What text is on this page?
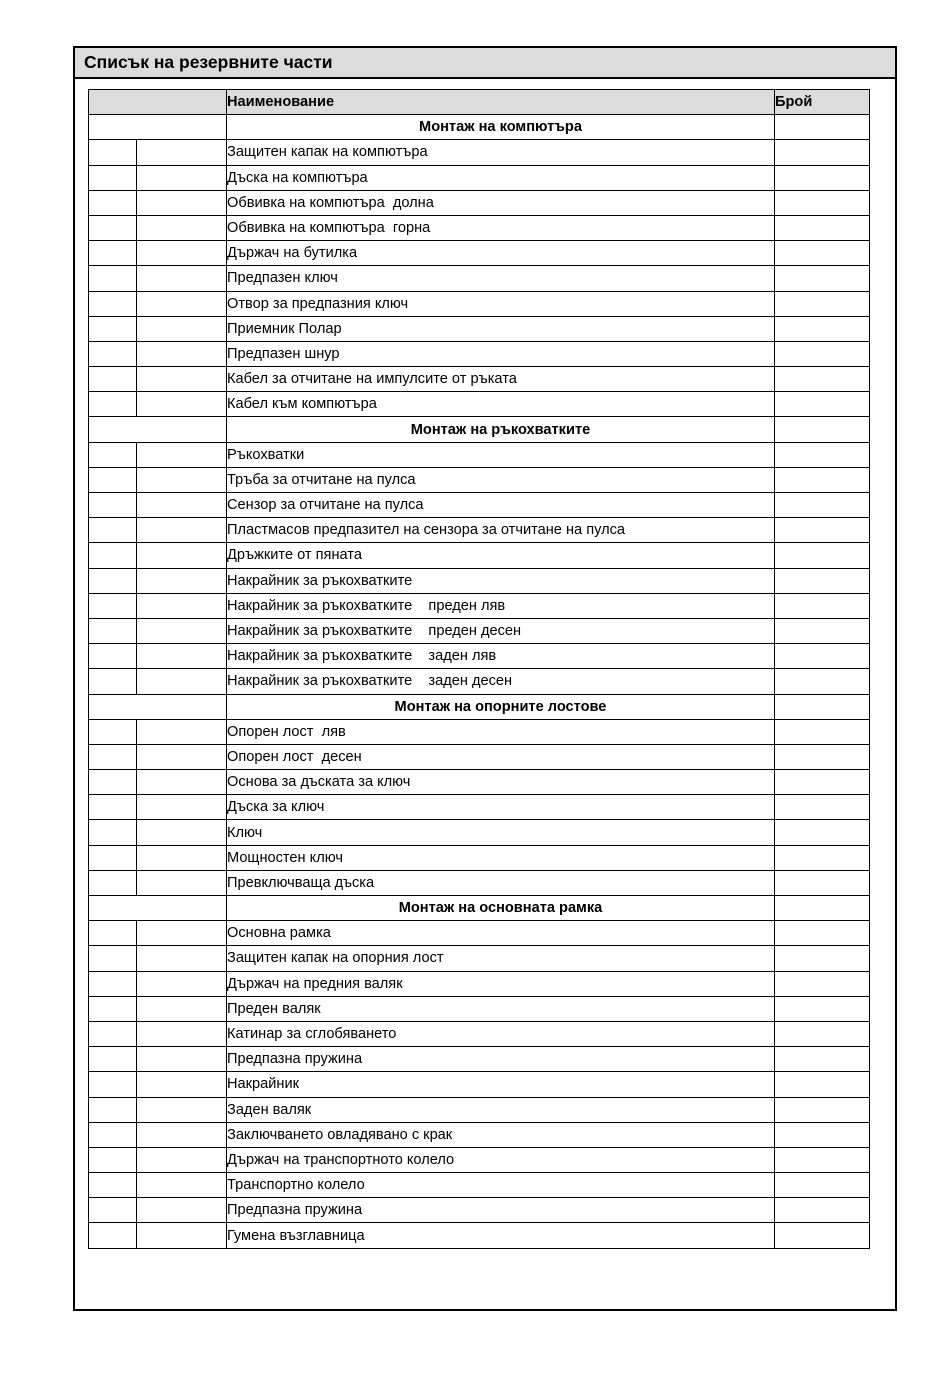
Списък на резервните части
		Наименование	Брой
		Монтаж на компютъра	
		Защитен капак на компютъра	
		Дъска на компютъра	
		Обвивка на компютъра  долна	
		Обвивка на компютъра  горна	
		Държач на бутилка	
		Предпазен ключ	
		Отвор за предпазния ключ	
		Приемник Полар	
		Предпазен шнур	
		Кабел за отчитане на импулсите от ръката	
		Кабел към компютъра	
		Монтаж на ръкохватките	
		Ръкохватки	
		Тръба за отчитане на пулса	
		Сензор за отчитане на пулса	
		Пластмасов предпазител на сензора за отчитане на пулса	
		Дръжките от пяната	
		Накрайник за ръкохватките	
		Накрайник за ръкохватките    преден ляв	
		Накрайник за ръкохватките    преден десен	
		Накрайник за ръкохватките    заден ляв	
		Накрайник за ръкохватките    заден десен	
		Монтаж на опорните лостове	
		Опорен лост  ляв	
		Опорен лост  десен	
		Основа за дъската за ключ	
		Дъска за ключ	
		Ключ	
		Мощностен ключ	
		Превключваща дъска	
		Монтаж на основната рамка	
		Основна рамка	
		Защитен капак на опорния лост	
		Държач на предния валяк	
		Преден валяк	
		Катинар за сглобяването	
		Предпазна пружина	
		Накрайник	
		Заден валяк	
		Заключването овладявано с крак	
		Държач на транспортното колело	
		Транспортно колело	
		Предпазна пружина	
		Гумена възглавница	
